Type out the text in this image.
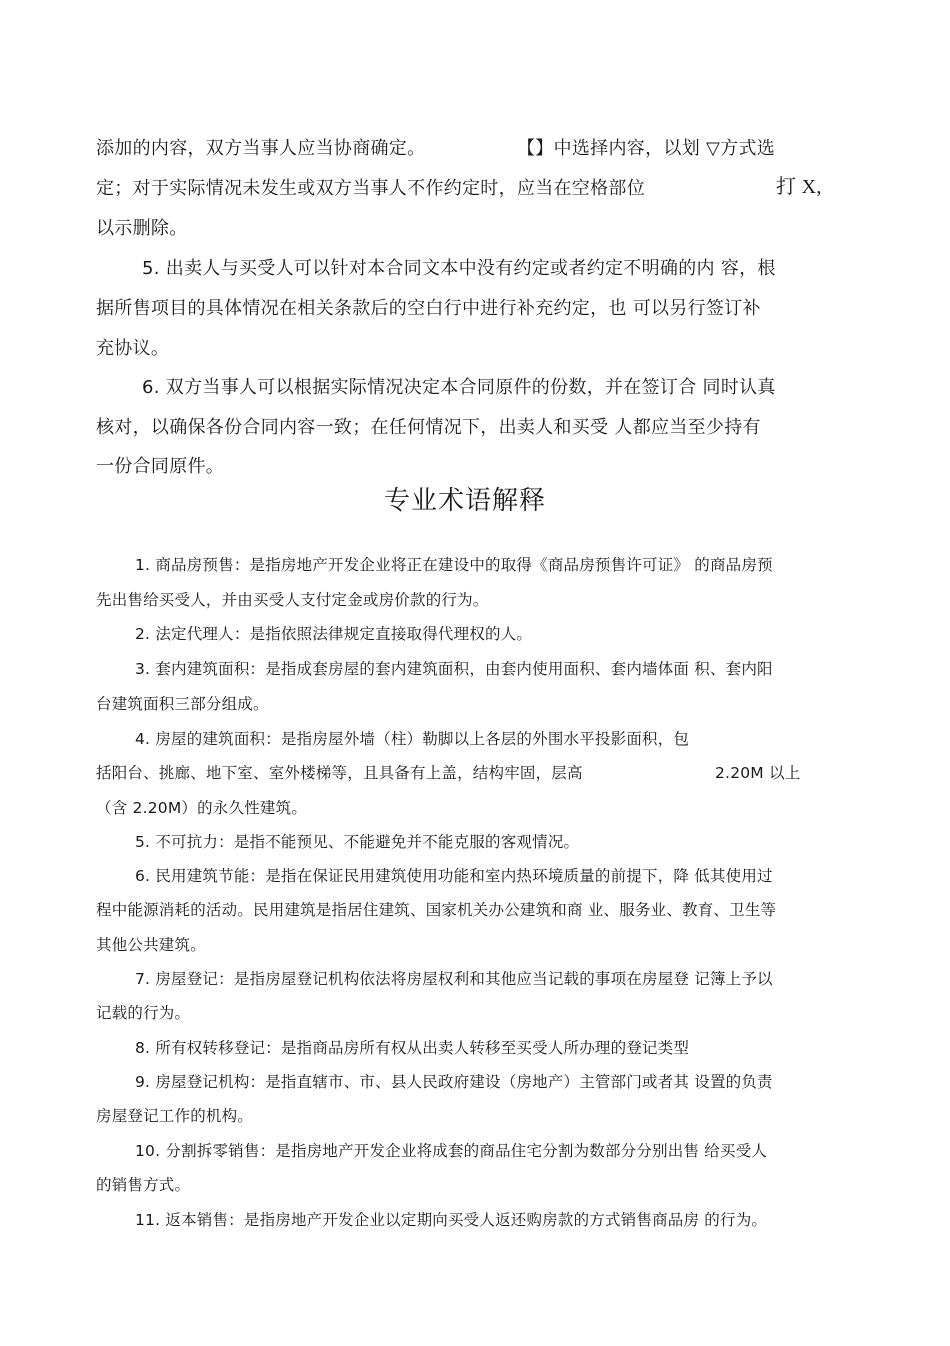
添加的内容，双方当事人应当协商确定。	【】中选择内容，以划 ▽方式选
定；对于实际情况未发生或双方当事人不作约定时，应当在空格部位	打 X,
以示删除。
5. 出卖人与买受人可以针对本合同文本中没有约定或者约定不明确的内 容，根
据所售项目的具体情况在相关条款后的空白行中进行补充约定，也 可以另行签订补
充协议。
6. 双方当事人可以根据实际情况决定本合同原件的份数，并在签订合 同时认真
核对，以确保各份合同内容一致；在任何情况下，出卖人和买受 人都应当至少持有
一份合同原件。
专业术语解释
1. 商品房预售：是指房地产开发企业将正在建设中的取得《商品房预售许可证》 的商品房预
先出售给买受人，并由买受人支付定金或房价款的行为。
2. 法定代理人：是指依照法律规定直接取得代理权的人。
3. 套内建筑面积：是指成套房屋的套内建筑面积，由套内使用面积、套内墙体面 积、套内阳
台建筑面积三部分组成。
4. 房屋的建筑面积：是指房屋外墙（柱）勒脚以上各层的外围水平投影面积，包
括阳台、挑廊、地下室、室外楼梯等，且具备有上盖，结构牢固，层高	2.20M 以上
（含 2.20M）的永久性建筑。
5. 不可抗力：是指不能预见、不能避免并不能克服的客观情况。
6. 民用建筑节能：是指在保证民用建筑使用功能和室内热环境质量的前提下，降 低其使用过
程中能源消耗的活动。民用建筑是指居住建筑、国家机关办公建筑和商 业、服务业、教育、卫生等
其他公共建筑。
7. 房屋登记：是指房屋登记机构依法将房屋权利和其他应当记载的事项在房屋登 记簿上予以
记载的行为。
8. 所有权转移登记：是指商品房所有权从出卖人转移至买受人所办理的登记类型
9. 房屋登记机构：是指直辖市、市、县人民政府建设（房地产）主管部门或者其 设置的负责
房屋登记工作的机构。
10. 分割拆零销售：是指房地产开发企业将成套的商品住宅分割为数部分分别出售 给买受人
的销售方式。
11. 返本销售：是指房地产开发企业以定期向买受人返还购房款的方式销售商品房 的行为。
